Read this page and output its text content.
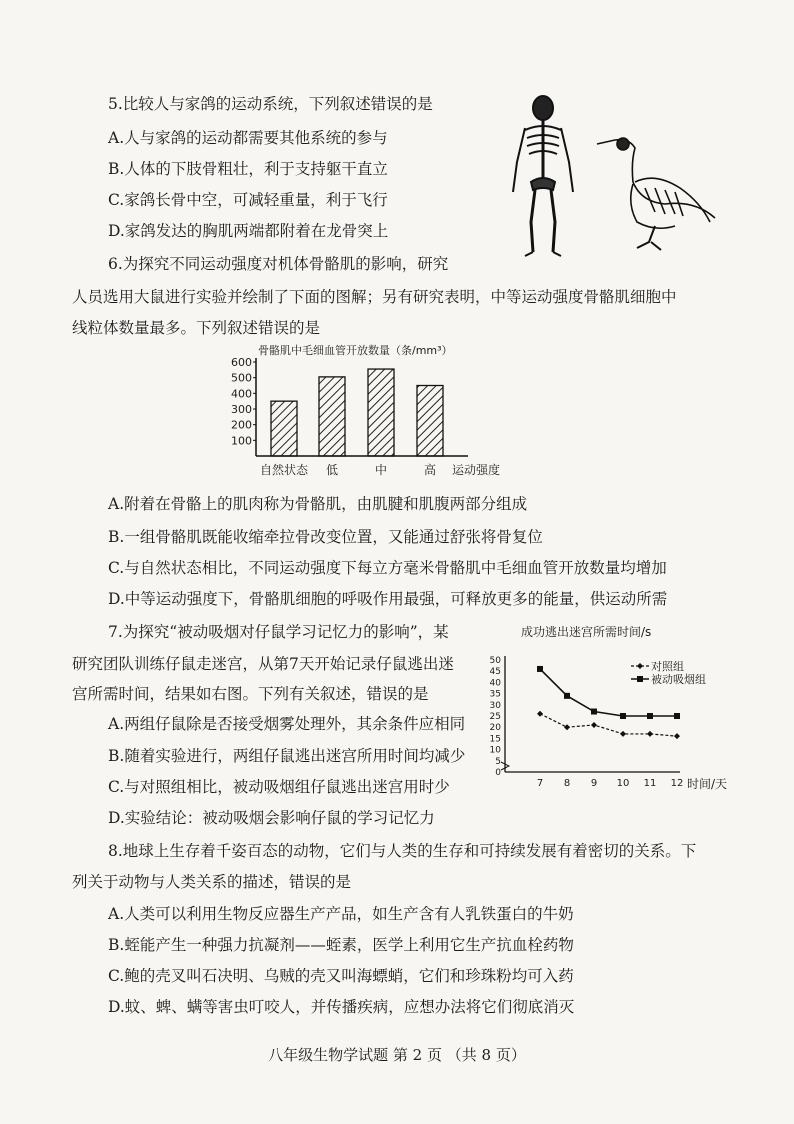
5.比较人与家鸽的运动系统，下列叙述错误的是
A.人与家鸽的运动都需要其他系统的参与
B.人体的下肢骨粗壮，利于支持躯干直立
C.家鸽长骨中空，可减轻重量，利于飞行
D.家鸽发达的胸肌两端都附着在龙骨突上
6.为探究不同运动强度对机体骨骼肌的影响，研究
人员选用大鼠进行实验并绘制了下面的图解；另有研究表明，中等运动强度骨骼肌细胞中
线粒体数量最多。下列叙述错误的是
骨骼肌中毛细血管开放数量（条/mm³）
600
500
400
300
200
100
自然状态 低	中	高 运动强度
A.附着在骨骼上的肌肉称为骨骼肌，由肌腱和肌腹两部分组成
B.一组骨骼肌既能收缩牵拉骨改变位置，又能通过舒张将骨复位
C.与自然状态相比，不同运动强度下每立方毫米骨骼肌中毛细血管开放数量均增加
D.中等运动强度下，骨骼肌细胞的呼吸作用最强，可释放更多的能量，供运动所需
7.为探究“被动吸烟对仔鼠学习记忆力的影响”，某
研究团队训练仔鼠走迷宫，从第7天开始记录仔鼠逃出迷
宫所需时间，结果如右图。下列有关叙述，错误的是
A.两组仔鼠除是否接受烟雾处理外，其余条件应相同
B.随着实验进行，两组仔鼠逃出迷宫所用时间均减少
C.与对照组相比，被动吸烟组仔鼠逃出迷宫用时少
D.实验结论：被动吸烟会影响仔鼠的学习记忆力
成功逃出迷宫所需时间/s
50
45
40
35
30
25
20
15
10
5
0
7 8 9 10 11 12
对照组
被动吸烟组
时间/天
8.地球上生存着千姿百态的动物，它们与人类的生存和可持续发展有着密切的关系。下
列关于动物与人类关系的描述，错误的是
A.人类可以利用生物反应器生产产品，如生产含有人乳铁蛋白的牛奶
B.蛭能产生一种强力抗凝剂——蛭素，医学上利用它生产抗血栓药物
C.鲍的壳叉叫石决明、乌贼的壳又叫海螵蛸，它们和珍珠粉均可入药
D.蚊、蜱、螨等害虫叮咬人，并传播疾病，应想办法将它们彻底消灭
八年级生物学试题 第 2 页 （共 8 页）
